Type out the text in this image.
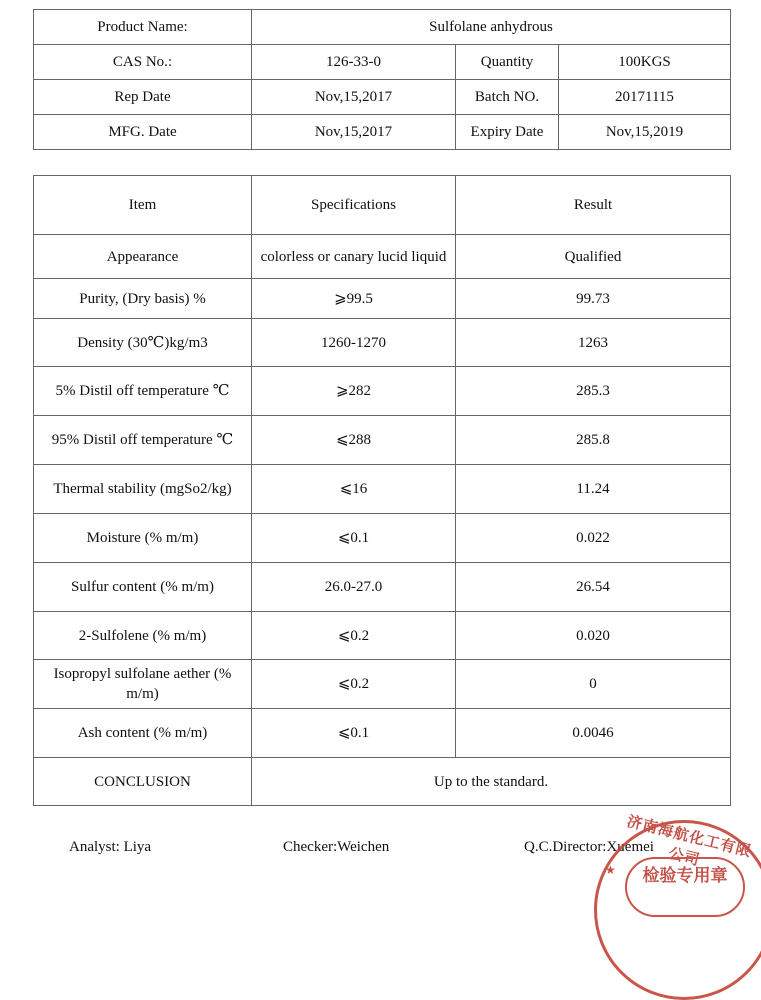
Product Name:	Sulfolane anhydrous		
CAS No.:	126-33-0	Quantity	100KGS
Rep Date	Nov,15,2017	Batch NO.	20171115
MFG. Date	Nov,15,2017	Expiry Date	Nov,15,2019
Item	Specifications	Result
Appearance	colorless or canary lucid liquid	Qualified
Purity, (Dry basis) %	⩾99.5	99.73
Density (30℃)kg/m3	1260-1270	1263
5% Distil off temperature ℃	⩾282	285.3
95% Distil off temperature ℃	⩽288	285.8
Thermal stability (mgSo2/kg)	⩽16	11.24
Moisture (% m/m)	⩽0.1	0.022
Sulfur content (% m/m)	26.0-27.0	26.54
2-Sulfolene (% m/m)	⩽0.2	0.020
Isopropyl sulfolane aether (% m/m)	⩽0.2	0
Ash content (% m/m)	⩽0.1	0.0046
CONCLUSION	Up to the standard.	
Analyst: Liya	Checker:Weichen	Q.C.Director:Xuemei
济南海航化工有限公司
★	检验专用章
